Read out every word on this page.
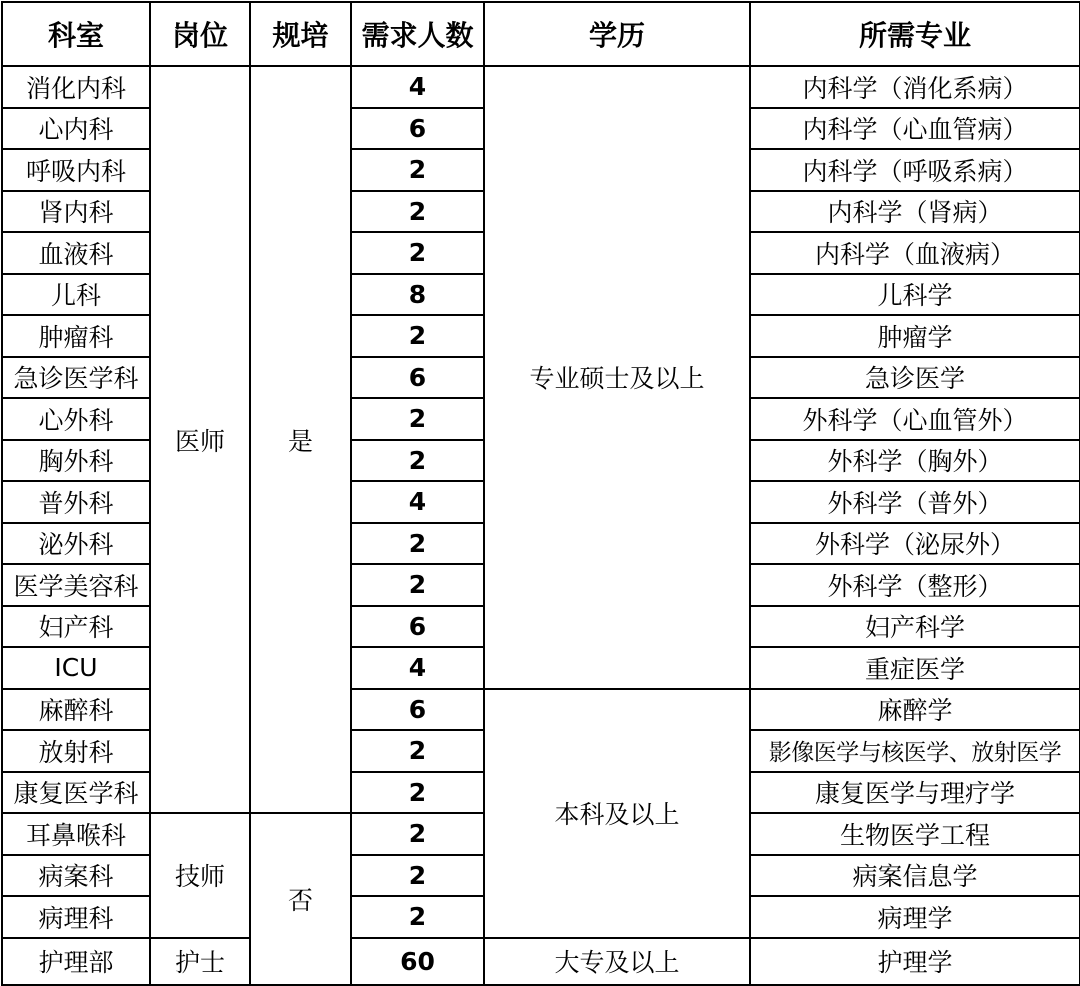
科室	岗位	规培	需求人数	学历	所需专业
消化内科	医师	是	4	专业硕士及以上	内科学（消化系病）
心内科			6		内科学（心血管病）
呼吸内科			2		内科学（呼吸系病）
肾内科			2		内科学（肾病）
血液科			2		内科学（血液病）
儿科			8		儿科学
肿瘤科			2		肿瘤学
急诊医学科			6		急诊医学
心外科			2		外科学（心血管外）
胸外科			2		外科学（胸外）
普外科			4		外科学（普外）
泌外科			2		外科学（泌尿外）
医学美容科			2		外科学（整形）
妇产科			6		妇产科学
ICU			4		重症医学
麻醉科			6	本科及以上	麻醉学
放射科			2		影像医学与核医学、放射医学
康复医学科			2		康复医学与理疗学
耳鼻喉科	技师	否	2		生物医学工程
病案科			2		病案信息学
病理科			2		病理学
护理部	护士		60	大专及以上	护理学
